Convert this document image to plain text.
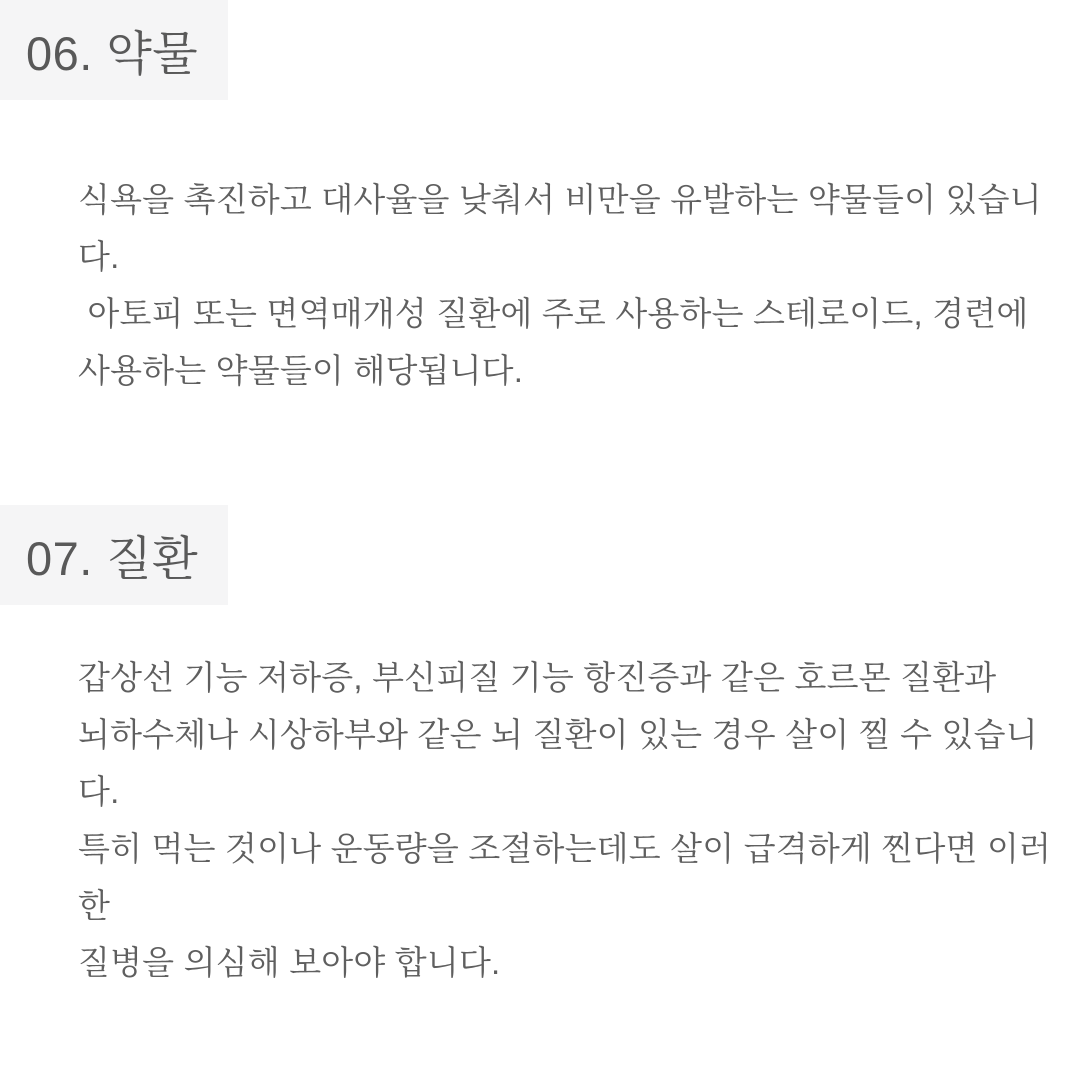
06. 약물
식욕을 촉진하고 대사율을 낮춰서 비만을 유발하는 약물들이 있습니
다.
아토피 또는 면역매개성 질환에 주로 사용하는 스테로이드, 경련에
사용하는 약물들이 해당됩니다.
07. 질환
갑상선 기능 저하증, 부신피질 기능 항진증과 같은 호르몬 질환과
뇌하수체나 시상하부와 같은 뇌 질환이 있는 경우 살이 찔 수 있습니
다.
특히 먹는 것이나 운동량을 조절하는데도 살이 급격하게 찐다면 이러
한
질병을 의심해 보아야 합니다.
